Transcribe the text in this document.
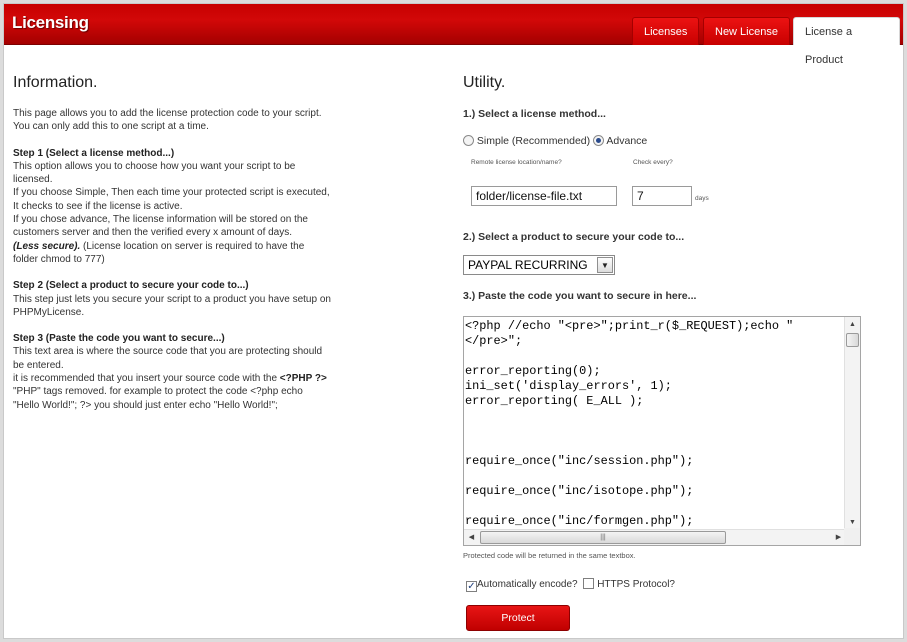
Licensing	Licenses	New License	License a Product
Information.

This page allows you to add the license protection code to your script. You can only add this to one script at a time.

Step 1 (Select a license method...)
This option allows you to choose how you want your script to be licensed.
If you choose Simple, Then each time your protected script is executed, It checks to see if the license is active.
If you chose advance, The license information will be stored on the customers server and then the verified every x amount of days.
(Less secure). (License location on server is required to have the folder chmod to 777)

Step 2 (Select a product to secure your code to...)
This step just lets you secure your script to a product you have setup on PHPMyLicense.

Step 3 (Paste the code you want to secure...)
This text area is where the source code that you are protecting should be entered.
it is recommended that you insert your source code with the <?PHP ?> "PHP" tags removed. for example to protect the code <?php echo "Hello World!"; ?> you should just enter echo "Hello World!";

Utility.
1.) Select a license method...
Simple (Recommended) Advance
Remote license location/name?	Check every?
folder/license-file.txt
7
days
2.) Select a product to secure your code to...
PAYPAL RECURRING	▼
3.) Paste the code you want to secure in here...
<?php //echo "<pre>";print_r($_REQUEST);echo "
</pre>";

error_reporting(0);
ini_set('display_errors', 1);
error_reporting( E_ALL );

require_once("inc/session.php");

require_once("inc/isotope.php");

require_once("inc/formgen.php");

▲
▼
◀	|||	▶
Protected code will be returned in the same textbox.
✓Automatically encode? HTTPS Protocol?
Protect
